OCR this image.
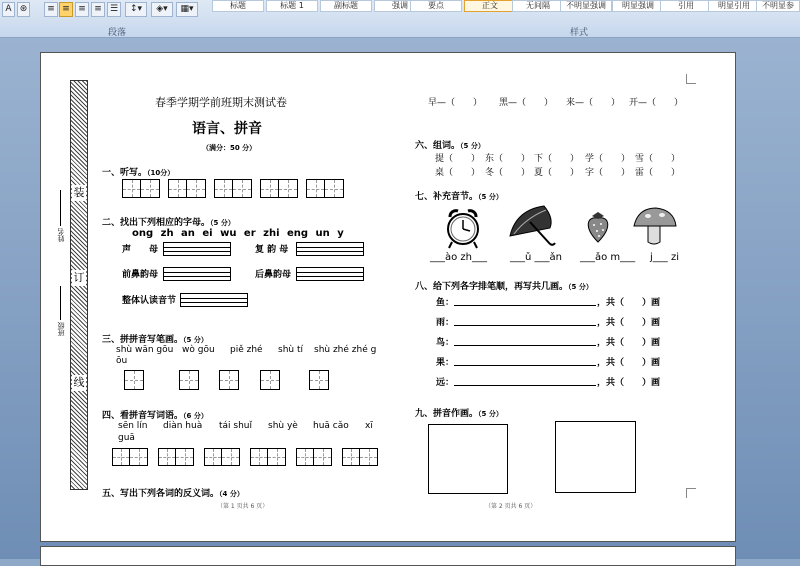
A ⊛	≡ ≡ ≡ ≡ ☰	↕▾	◈▾	▦▾
段落	样式
标题	标题 1	副标题	强调	要点	正文	无间隔	不明显强调	明显强调	引用	明显引用	不明显参
装
订
线
姓名
班级
春季学期学前班期末测试卷
语言、拼音
（满分：50 分）
一、听写。（10分）
二、找出下列相应的字母。（5 分）
ong zh an ei wu er zhi eng un y
声　　母	复 韵 母
前鼻韵母	后鼻韵母
整体认读音节
三、拼拼音写笔画。（5 分）
shù wān gōu wò gōu piě zhé shù tí shù zhé zhé g
ōu
四、看拼音写词语。（6 分）
sēn lín diàn huà tái shuǐ shù yè huā cǎo xī
guā
五、写出下列各词的反义词。（4 分）
（第 1 页共 6 页）
早—（　　） 黑—（　　） 来—（　　） 开—（　　）
六、组词。（5 分）
提（　　） 东（　　） 下（　　） 学（　　） 雪（　　）
桌（　　） 冬（　　） 夏（　　） 字（　　） 雷（　　）
七、补充音节。（5 分）
___ào zh___ ___ǔ ___ǎn ___ǎo m___ j___ zi
八、给下列各字排笔顺，再写共几画。（5 分）
鱼：	，共（　　）画
雨：	，共（　　）画
鸟：	，共（　　）画
果：	，共（　　）画
远：	，共（　　）画
九、拼音作画。（5 分）
（第 2 页共 6 页）
